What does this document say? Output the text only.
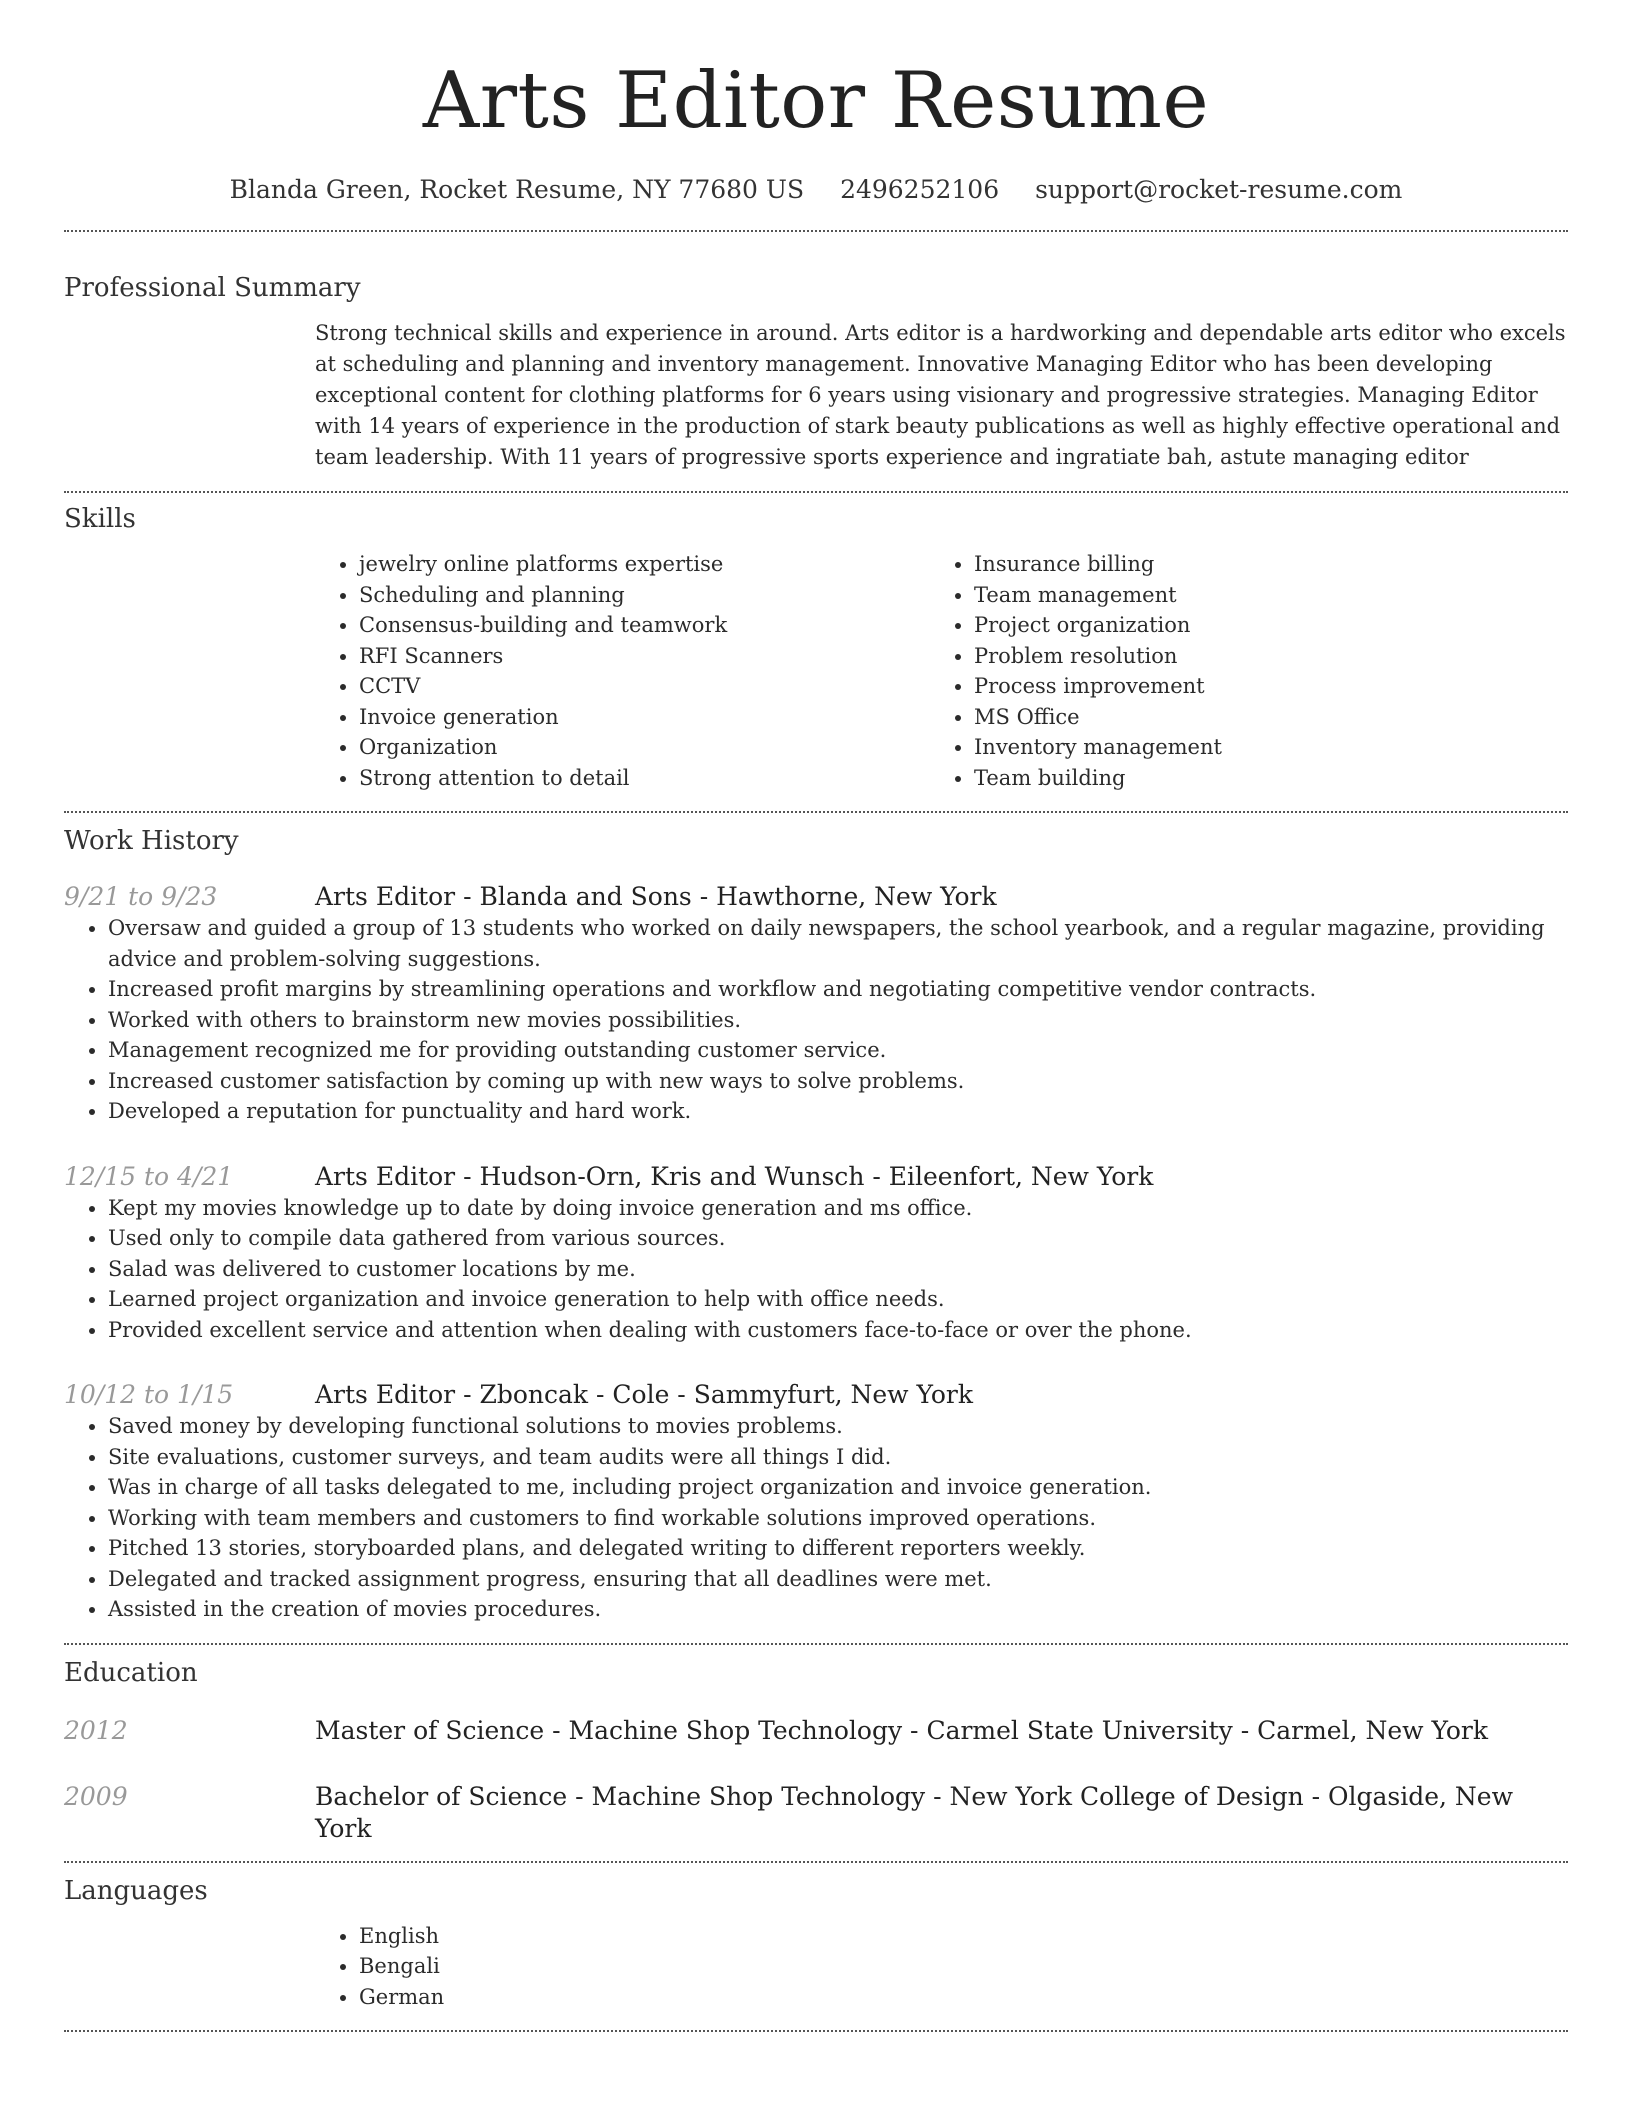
Arts Editor Resume
Blanda Green, Rocket Resume, NY 77680 US 2496252106 support@rocket-resume.com
Professional Summary

Strong technical skills and experience in around. Arts editor is a hardworking and dependable arts editor who excels at scheduling and planning and inventory management. Innovative Managing Editor who has been developing exceptional content for clothing platforms for 6 years using visionary and progressive strategies. Managing Editor with 14 years of experience in the production of stark beauty publications as well as highly effective operational and team leadership. With 11 years of progressive sports experience and ingratiate bah, astute managing editor

Skills
• jewelry online platforms expertise
• Scheduling and planning
• Consensus-building and teamwork
• RFI Scanners
• CCTV
• Invoice generation
• Organization
• Strong attention to detail
• Insurance billing
• Team management
• Project organization
• Problem resolution
• Process improvement
• MS Office
• Inventory management
• Team building
Work History
9/21 to 9/23	Arts Editor - Blanda and Sons - Hawthorne, New York
• Oversaw and guided a group of 13 students who worked on daily newspapers, the school yearbook, and a regular magazine, providing advice and problem-solving suggestions.
• Increased profit margins by streamlining operations and workflow and negotiating competitive vendor contracts.
• Worked with others to brainstorm new movies possibilities.
• Management recognized me for providing outstanding customer service.
• Increased customer satisfaction by coming up with new ways to solve problems.
• Developed a reputation for punctuality and hard work.
12/15 to 4/21	Arts Editor - Hudson-Orn, Kris and Wunsch - Eileenfort, New York
• Kept my movies knowledge up to date by doing invoice generation and ms office.
• Used only to compile data gathered from various sources.
• Salad was delivered to customer locations by me.
• Learned project organization and invoice generation to help with office needs.
• Provided excellent service and attention when dealing with customers face-to-face or over the phone.
10/12 to 1/15	Arts Editor - Zboncak - Cole - Sammyfurt, New York
• Saved money by developing functional solutions to movies problems.
• Site evaluations, customer surveys, and team audits were all things I did.
• Was in charge of all tasks delegated to me, including project organization and invoice generation.
• Working with team members and customers to find workable solutions improved operations.
• Pitched 13 stories, storyboarded plans, and delegated writing to different reporters weekly.
• Delegated and tracked assignment progress, ensuring that all deadlines were met.
• Assisted in the creation of movies procedures.
Education
2012	Master of Science - Machine Shop Technology - Carmel State University - Carmel, New York
2009	Bachelor of Science - Machine Shop Technology - New York College of Design - Olgaside, New York
Languages
• English
• Bengali
• German
